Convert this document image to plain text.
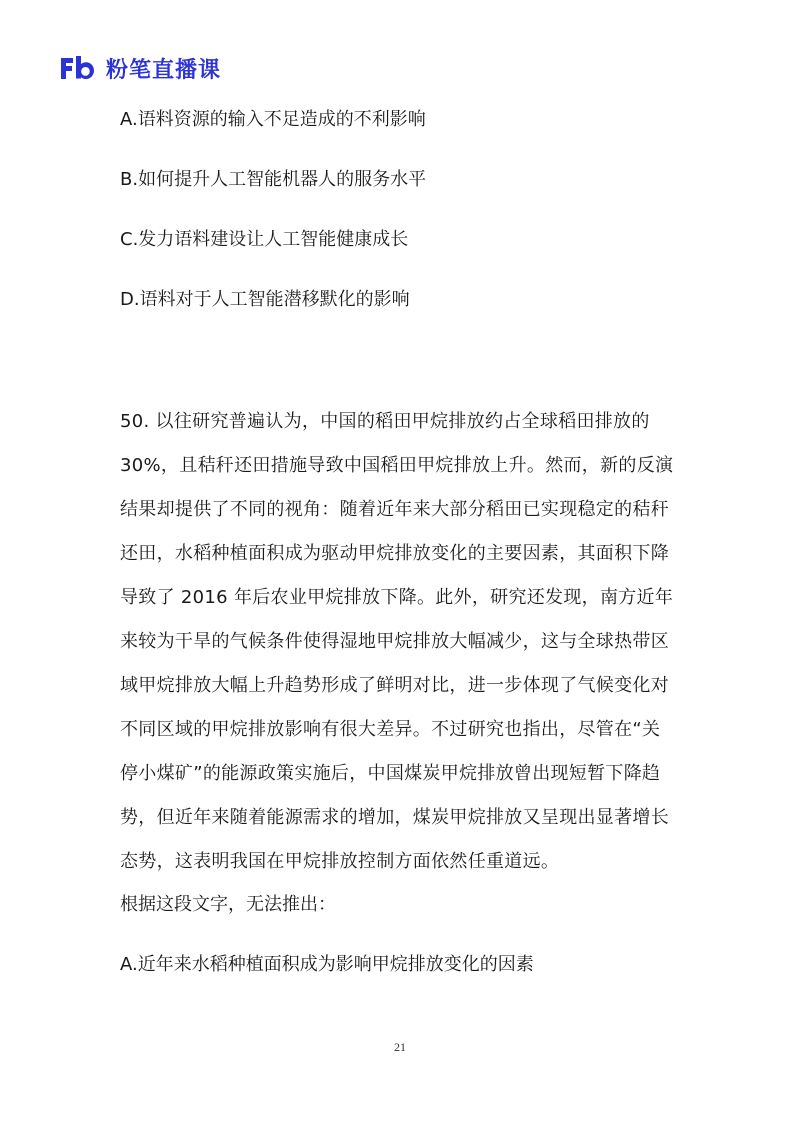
粉笔直播课
A.语料资源的输入不足造成的不利影响
B.如何提升人工智能机器人的服务水平
C.发力语料建设让人工智能健康成长
D.语料对于人工智能潜移默化的影响
50. 以往研究普遍认为，中国的稻田甲烷排放约占全球稻田排放的
30%，且秸秆还田措施导致中国稻田甲烷排放上升。然而，新的反演
结果却提供了不同的视角：随着近年来大部分稻田已实现稳定的秸秆
还田，水稻种植面积成为驱动甲烷排放变化的主要因素，其面积下降
导致了 2016 年后农业甲烷排放下降。此外，研究还发现，南方近年
来较为干旱的气候条件使得湿地甲烷排放大幅减少，这与全球热带区
域甲烷排放大幅上升趋势形成了鲜明对比，进一步体现了气候变化对
不同区域的甲烷排放影响有很大差异。不过研究也指出，尽管在“关
停小煤矿”的能源政策实施后，中国煤炭甲烷排放曾出现短暂下降趋
势，但近年来随着能源需求的增加，煤炭甲烷排放又呈现出显著增长
态势，这表明我国在甲烷排放控制方面依然任重道远。
根据这段文字，无法推出：
A.近年来水稻种植面积成为影响甲烷排放变化的因素
21
